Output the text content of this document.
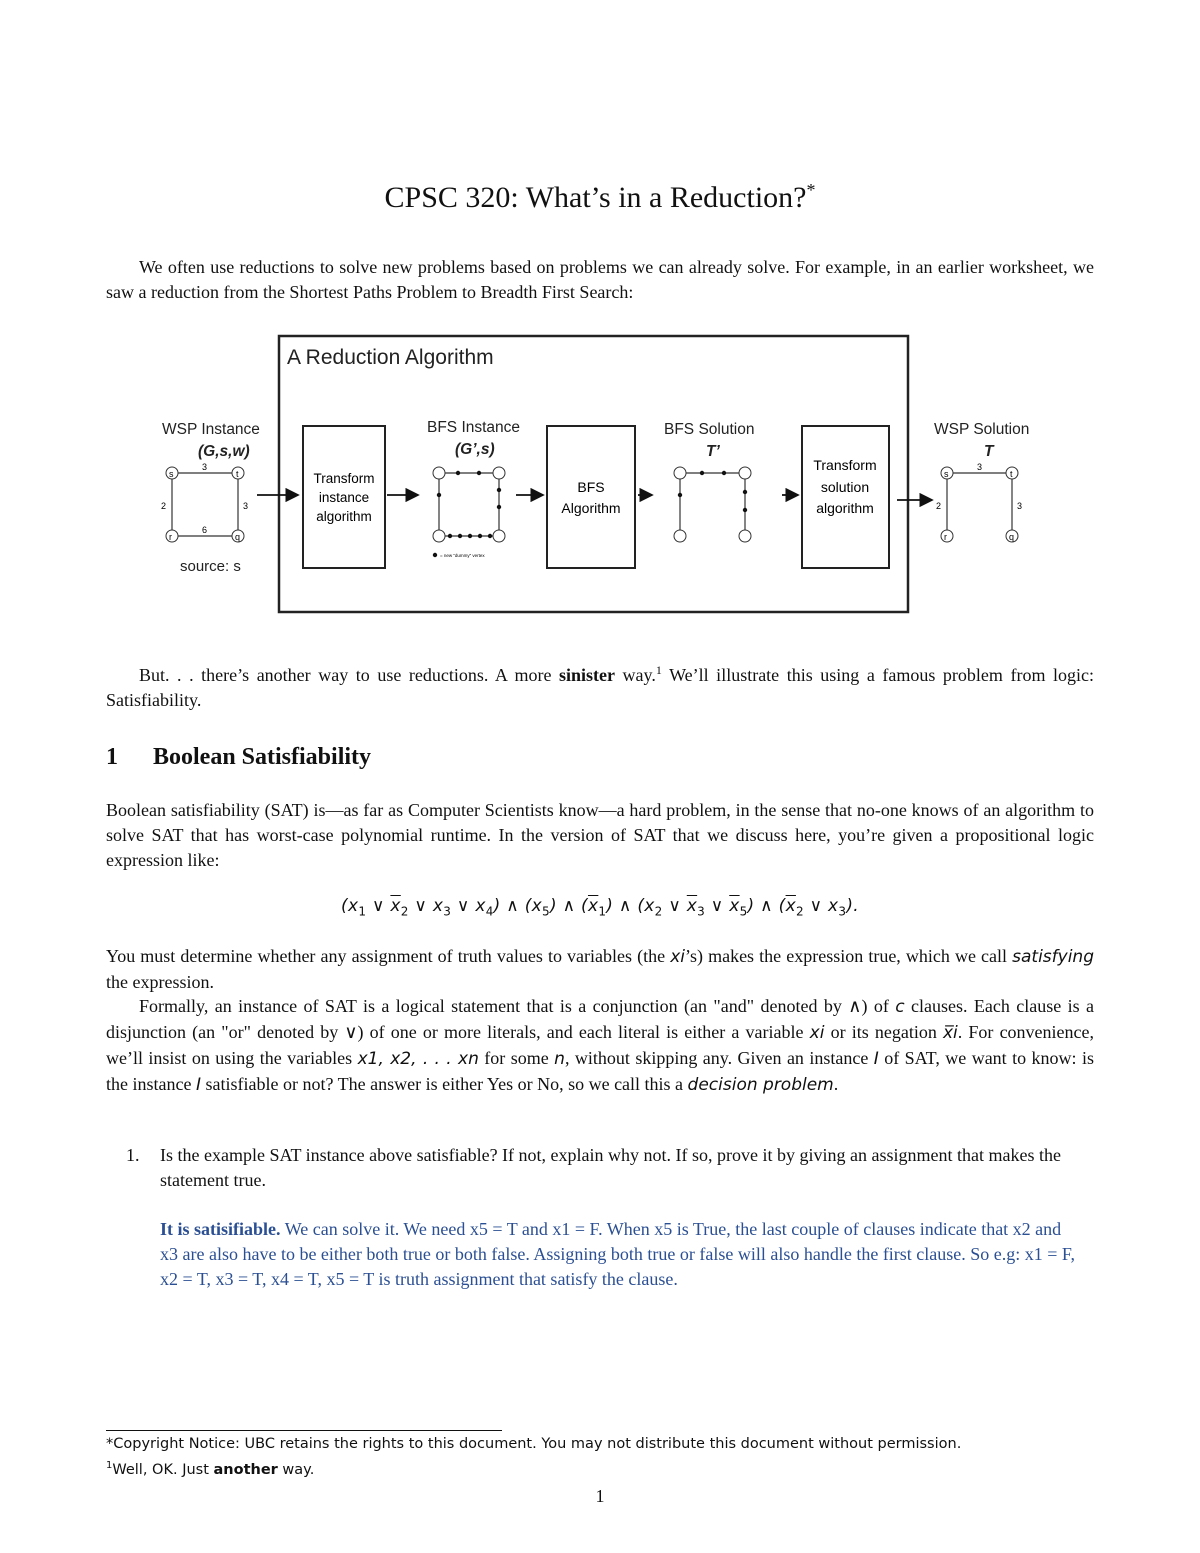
CPSC 320: What’s in a Reduction?*
We often use reductions to solve new problems based on problems we can already solve. For example, in an earlier worksheet, we saw a reduction from the Shortest Paths Problem to Breadth First Search:
A Reduction Algorithm
WSP Instance
(G,s,w)
s	t
r	q
3
2	3
6
source: s
Transform
instance
algorithm
BFS Instance
(G’,s)
= new “dummy” vertex
BFS
Algorithm
BFS Solution
T’
Transform
solution
algorithm
WSP Solution
T
s	t
r	q
3
2	3
But. . . there’s another way to use reductions. A more sinister way.$^1$ We’ll illustrate this using a famous problem from logic: Satisfiability.
1 Boolean Satisfiability
Boolean satisfiability (SAT) is—as far as Computer Scientists know—a hard problem, in the sense that no-one knows of an algorithm to solve SAT that has worst-case polynomial runtime. In the version of SAT that we discuss here, you’re given a propositional logic expression like:
($x_1$ ∨ $\overline{x}_2$ ∨ $x_3$ ∨ $x_4$) ∧ $(x_5)$ ∧ $(\overline{x}_1)$ ∧ ($x_2$ ∨ $\overline{x}_3$ ∨ $\overline{x}_5$) ∧ ($\overline{x}_2$ ∨ $x_3$).
You must determine whether any assignment of truth values to variables (the xi’s) makes the expression true, which we call satisfying the expression.
Formally, an instance of SAT is a logical statement that is a conjunction (an "and" denoted by ∧) of c clauses. Each clause is a disjunction (an "or" denoted by ∨) of one or more literals, and each literal is either a variable xi or its negation x̅i. For convenience, we’ll insist on using the variables x1, x2, . . . xn for some n, without skipping any. Given an instance I of SAT, we want to know: is the instance I satisfiable or not? The answer is either Yes or No, so we call this a decision problem.
1. Is the example SAT instance above satisfiable? If not, explain why not. If so, prove it by giving an assignment that makes the statement true.
It is satisifiable. We can solve it. We need x5 = T and x1 = F. When x5 is True, the last couple of clauses indicate that x2 and x3 are also have to be either both true or both false. Assigning both true or false will also handle the first clause. So e.g: x1 = F, x2 = T, x3 = T, x4 = T, x5 = T is truth assignment that satisfy the clause.
*Copyright Notice: UBC retains the rights to this document. You may not distribute this document without permission.
$^1$Well, OK. Just another way.
1
